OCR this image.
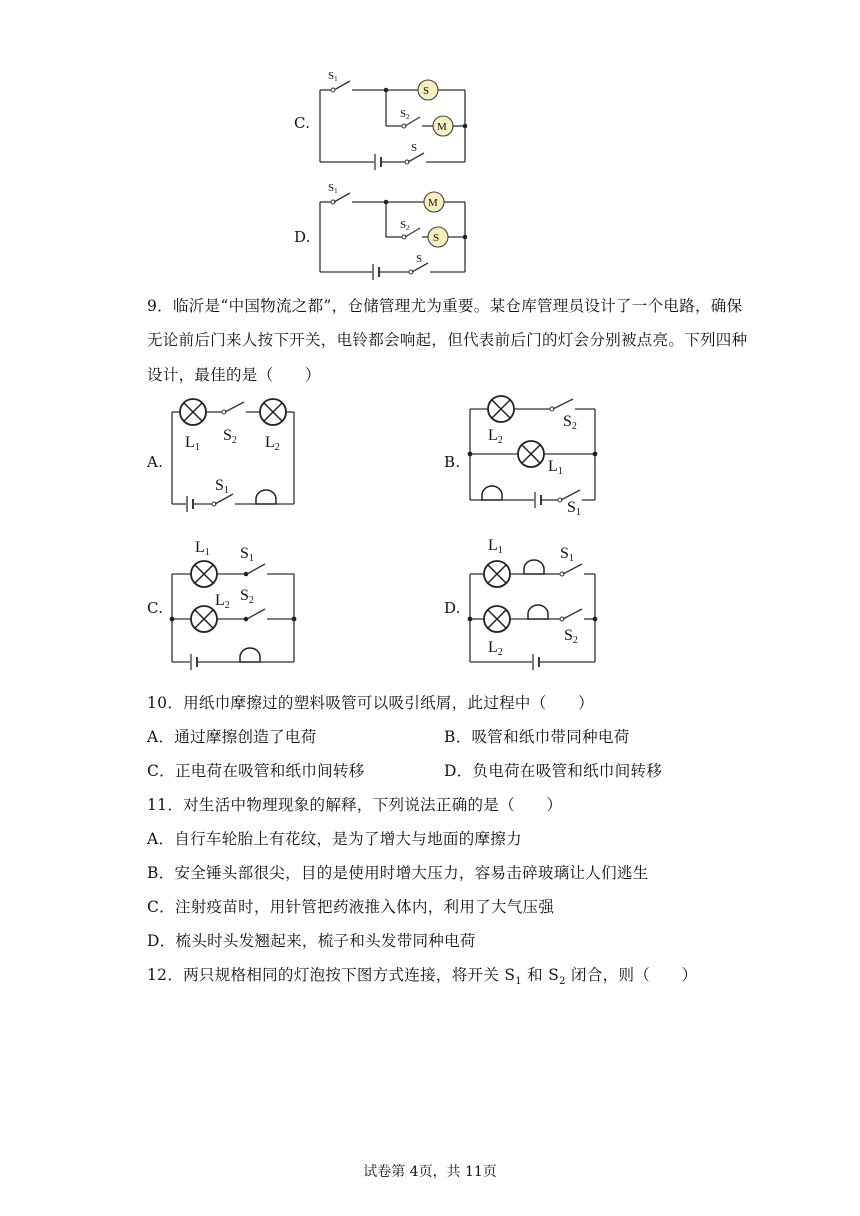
C.
S1
S2
S
S
M
D.
S1
S2
S
M
S
9．临沂是“中国物流之都”，仓储管理尤为重要。某仓库管理员设计了一个电路，确保
无论前后门来人按下开关，电铃都会响起，但代表前后门的灯会分别被点亮。下列四种
设计，最佳的是（　　）
A.
L1
S2 L2
S1
B.
L2
S2
L1
S1
C.
L1 S1
L2
S2	D.
L1	S1
L2
S2
10．用纸巾摩擦过的塑料吸管可以吸引纸屑，此过程中（　　）
A．通过摩擦创造了电荷	B．吸管和纸巾带同种电荷
C．正电荷在吸管和纸巾间转移	D．负电荷在吸管和纸巾间转移
11．对生活中物理现象的解释，下列说法正确的是（　　）
A．自行车轮胎上有花纹，是为了增大与地面的摩擦力
B．安全锤头部很尖，目的是使用时增大压力，容易击碎玻璃让人们逃生
C．注射疫苗时，用针管把药液推入体内，利用了大气压强
D．梳头时头发翘起来，梳子和头发带同种电荷
12．两只规格相同的灯泡按下图方式连接，将开关 $S_1$ 和 $S_2$ 闭合，则（　　）
试卷第 4页，共 11页
